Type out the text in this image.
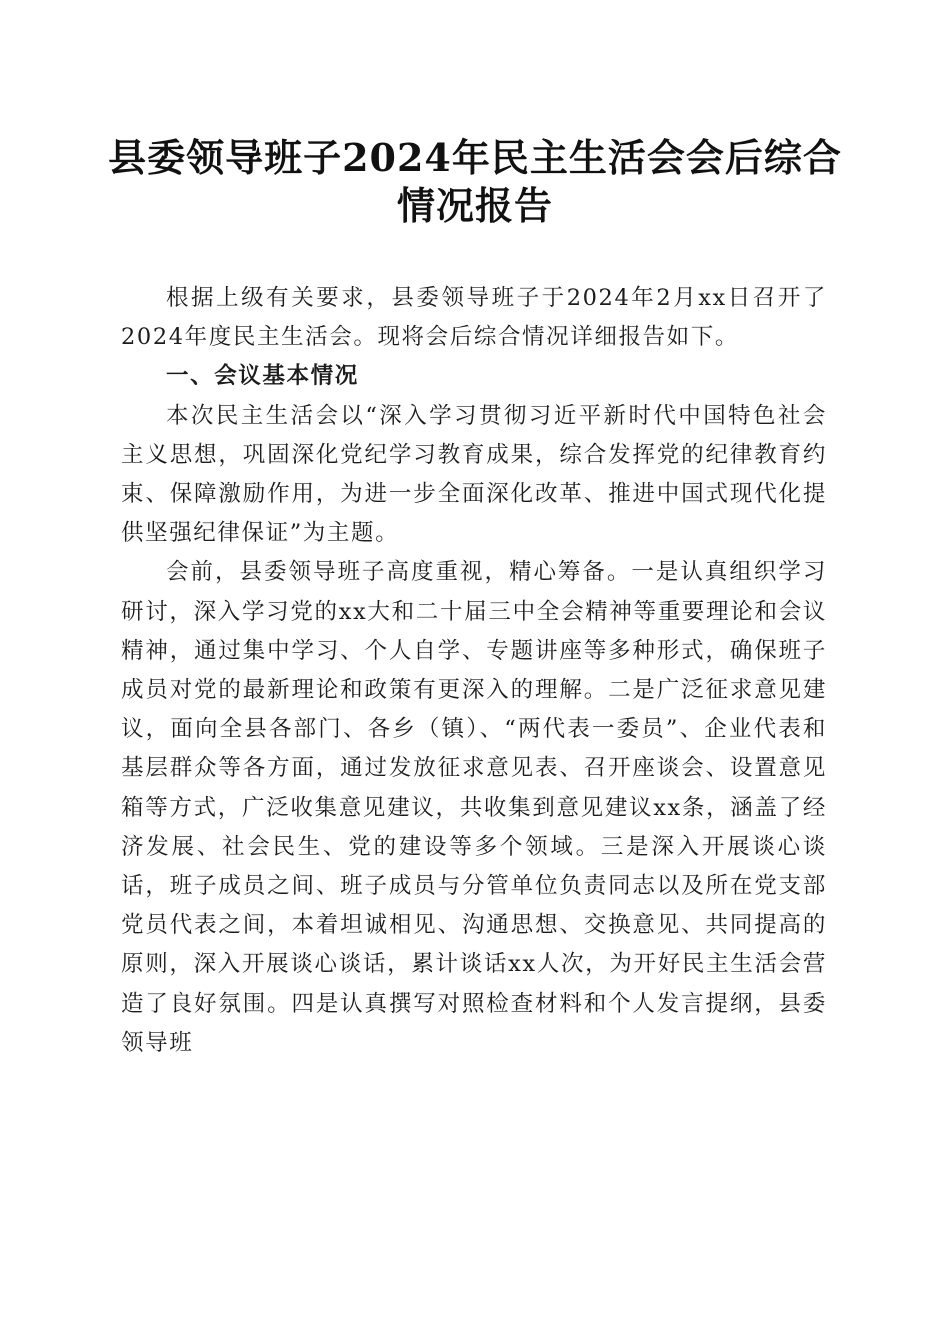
县委领导班子2024年民主生活会会后综合情况报告

根据上级有关要求，县委领导班子于2024年2月xx日召开了2024年度民主生活会。现将会后综合情况详细报告如下。

一、会议基本情况

本次民主生活会以“深入学习贯彻习近平新时代中国特色社会主义思想，巩固深化党纪学习教育成果，综合发挥党的纪律教育约束、保障激励作用，为进一步全面深化改革、推进中国式现代化提供坚强纪律保证”为主题。

会前，县委领导班子高度重视，精心筹备。一是认真组织学习研讨，深入学习党的xx大和二十届三中全会精神等重要理论和会议精神，通过集中学习、个人自学、专题讲座等多种形式，确保班子成员对党的最新理论和政策有更深入的理解。二是广泛征求意见建议，面向全县各部门、各乡（镇）、“两代表一委员”、企业代表和基层群众等各方面，通过发放征求意见表、召开座谈会、设置意见箱等方式，广泛收集意见建议，共收集到意见建议xx条，涵盖了经济发展、社会民生、党的建设等多个领域。三是深入开展谈心谈话，班子成员之间、班子成员与分管单位负责同志以及所在党支部党员代表之间，本着坦诚相见、沟通思想、交换意见、共同提高的原则，深入开展谈心谈话，累计谈话xx人次，为开好民主生活会营造了良好氛围。四是认真撰写对照检查材料和个人发言提纲，县委领导班
